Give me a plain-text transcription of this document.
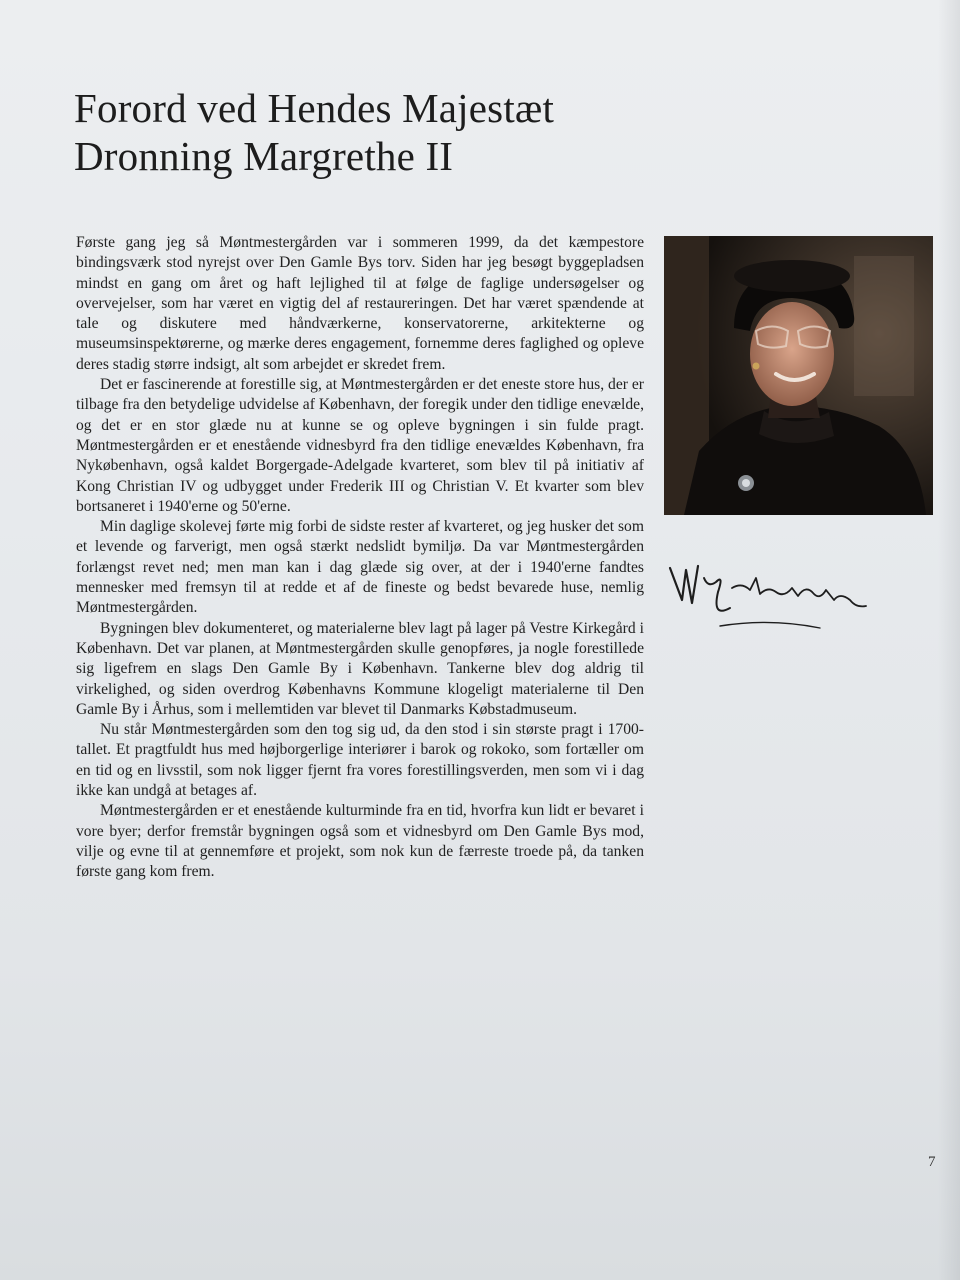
Forord ved Hendes Majestæt
Dronning Margrethe II

Første gang jeg så Møntmestergården var i sommeren 1999, da det kæmpestore bindingsværk stod nyrejst over Den Gamle Bys torv. Siden har jeg besøgt byggepladsen mindst en gang om året og haft lejlighed til at følge de faglige undersøgelser og overvejelser, som har været en vigtig del af restaureringen. Det har været spændende at tale og diskutere med håndværkerne, konservatorerne, arkitekterne og museumsinspektørerne, og mærke deres engagement, fornemme deres faglighed og opleve deres stadig større indsigt, alt som arbejdet er skredet frem.

Det er fascinerende at forestille sig, at Møntmestergården er det eneste store hus, der er tilbage fra den betydelige udvidelse af København, der foregik under den tidlige enevælde, og det er en stor glæde nu at kunne se og opleve bygningen i sin fulde pragt. Møntmestergården er et enestående vidnesbyrd fra den tidlige enevældes København, fra Nykøbenhavn, også kaldet Borgergade-Adelgade kvarteret, som blev til på initiativ af Kong Christian IV og udbygget under Frederik III og Christian V. Et kvarter som blev bortsaneret i 1940'erne og 50'erne.

Min daglige skolevej førte mig forbi de sidste rester af kvarteret, og jeg husker det som et levende og farverigt, men også stærkt nedslidt bymiljø. Da var Møntmestergården forlængst revet ned; men man kan i dag glæde sig over, at der i 1940'erne fandtes mennesker med fremsyn til at redde et af de fineste og bedst bevarede huse, nemlig Møntmestergården.

Bygningen blev dokumenteret, og materialerne blev lagt på lager på Vestre Kirkegård i København. Det var planen, at Møntmestergården skulle genopføres, ja nogle forestillede sig ligefrem en slags Den Gamle By i København. Tankerne blev dog aldrig til virkelighed, og siden overdrog Københavns Kommune klogeligt materialerne til Den Gamle By i Århus, som i mellemtiden var blevet til Danmarks Købstadmuseum.

Nu står Møntmestergården som den tog sig ud, da den stod i sin største pragt i 1700-tallet. Et pragtfuldt hus med højborgerlige interiører i barok og rokoko, som fortæller om en tid og en livsstil, som nok ligger fjernt fra vores forestillingsverden, men som vi i dag ikke kan undgå at betages af.

Møntmestergården er et enestående kulturminde fra en tid, hvorfra kun lidt er bevaret i vore byer; derfor fremstår bygningen også som et vidnesbyrd om Den Gamle Bys mod, vilje og evne til at gennemføre et projekt, som nok kun de færreste troede på, da tanken første gang kom frem.

7
